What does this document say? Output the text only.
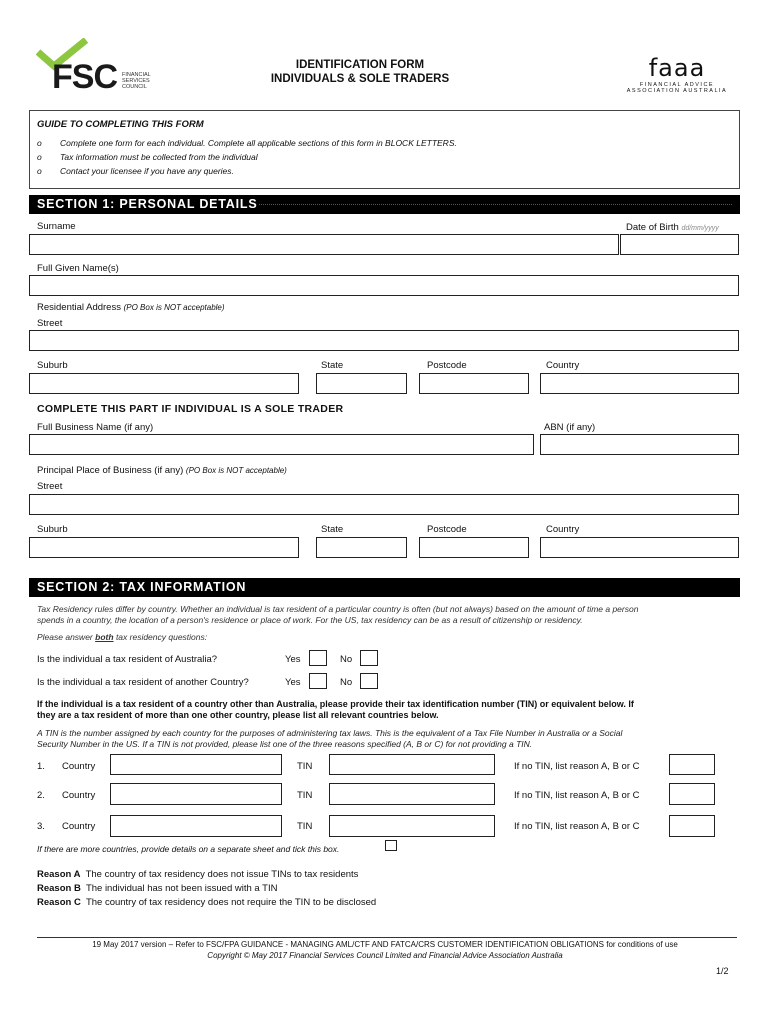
FSC FINANCIAL
SERVICES
COUNCIL
IDENTIFICATION FORM
INDIVIDUALS & SOLE TRADERS	faaa
FINANCIAL ADVICE
ASSOCIATION AUSTRALIA
GUIDE TO COMPLETING THIS FORM
o Complete one form for each individual. Complete all applicable sections of this form in BLOCK LETTERS.
o Tax information must be collected from the individual
o Contact your licensee if you have any queries.
SECTION 1: PERSONAL DETAILS
Surname	Date of Birth dd/mm/yyyy
Full Given Name(s)
Residential Address (PO Box is NOT acceptable)
Street
Suburb	State	Postcode	Country
COMPLETE THIS PART IF INDIVIDUAL IS A SOLE TRADER
Full Business Name (if any)	ABN (if any)
Principal Place of Business (if any) (PO Box is NOT acceptable)
Street
Suburb	State	Postcode	Country
SECTION 2: TAX INFORMATION
Tax Residency rules differ by country. Whether an individual is tax resident of a particular country is often (but not always) based on the amount of time a person
spends in a country, the location of a person's residence or place of work. For the US, tax residency can be as a result of citizenship or residency.
Please answer both tax residency questions:
Is the individual a tax resident of Australia?	Yes	No
Is the individual a tax resident of another Country?	Yes	No
If the individual is a tax resident of a country other than Australia, please provide their tax identification number (TIN) or equivalent below. If
they are a tax resident of more than one other country, please list all relevant countries below.
A TIN is the number assigned by each country for the purposes of administering tax laws. This is the equivalent of a Tax File Number in Australia or a Social
Security Number in the US. If a TIN is not provided, please list one of the three reasons specified (A, B or C) for not providing a TIN.
1. Country	TIN	If no TIN, list reason A, B or C
2. Country	TIN	If no TIN, list reason A, B or C
3. Country	TIN	If no TIN, list reason A, B or C
If there are more countries, provide details on a separate sheet and tick this box.
Reason A The country of tax residency does not issue TINs to tax residents
Reason B The individual has not been issued with a TIN
Reason C The country of tax residency does not require the TIN to be disclosed
19 May 2017 version – Refer to FSC/FPA GUIDANCE - MANAGING AML/CTF AND FATCA/CRS CUSTOMER IDENTIFICATION OBLIGATIONS for conditions of use
Copyright © May 2017 Financial Services Council Limited and Financial Advice Association Australia
1/2
